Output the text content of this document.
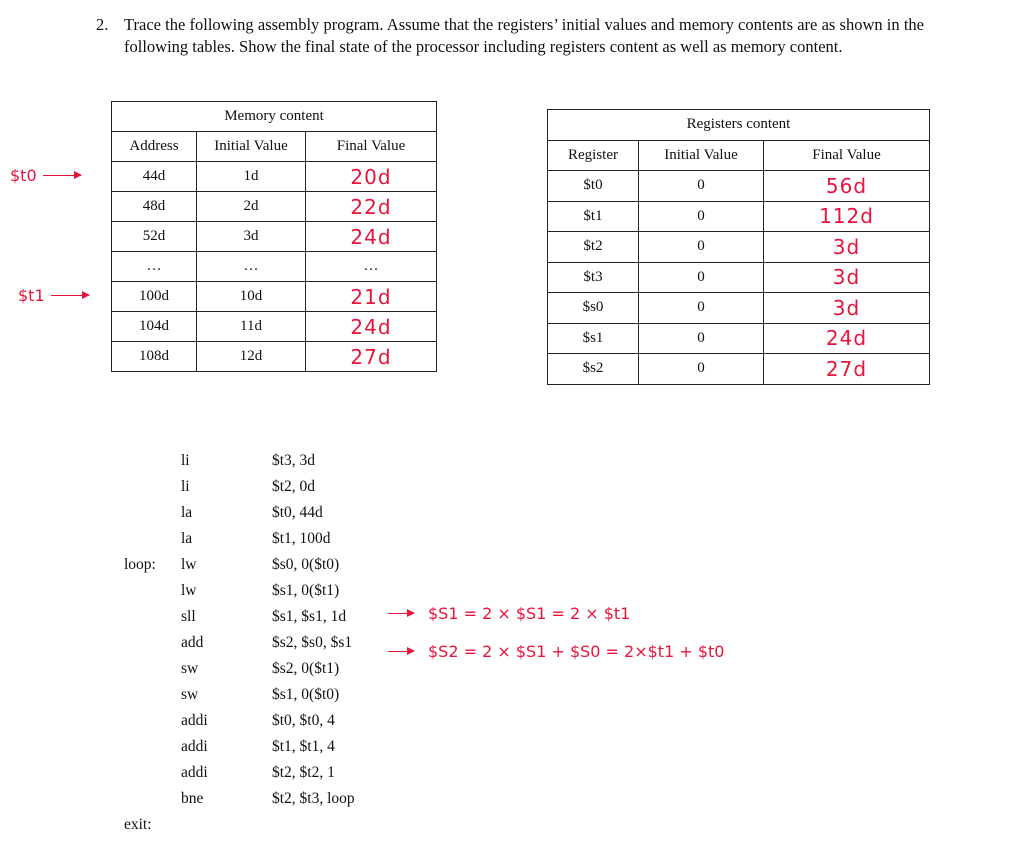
2. Trace the following assembly program. Assume that the registers’ initial values and memory contents are as shown in the following tables. Show the final state of the processor including registers content as well as memory content.
Memory content		
Address	Initial Value	Final Value
44d	1d	20d
48d	2d	22d
52d	3d	24d
…	…	…
100d	10d	21d
104d	11d	24d
108d	12d	27d
$t0
$t1
Registers content		
Register	Initial Value	Final Value
$t0	0	56d
$t1	0	112d
$t2	0	3d
$t3	0	3d
$s0	0	3d
$s1	0	24d
$s2	0	27d
li	$t3, 3d
li	$t2, 0d
la	$t0, 44d
la	$t1, 100d
loop: lw	$s0, 0($t0)
lw	$s1, 0($t1)
sll	$s1, $s1, 1d
add	$s2, $s0, $s1
sw	$s2, 0($t1)
sw	$s1, 0($t0)
addi	$t0, $t0, 4
addi	$t1, $t1, 4
addi	$t2, $t2, 1
bne	$t2, $t3, loop
exit:
$S1 = 2 × $S1 = 2 × $t1
$S2 = 2 × $S1 + $S0 = 2×$t1 + $t0
